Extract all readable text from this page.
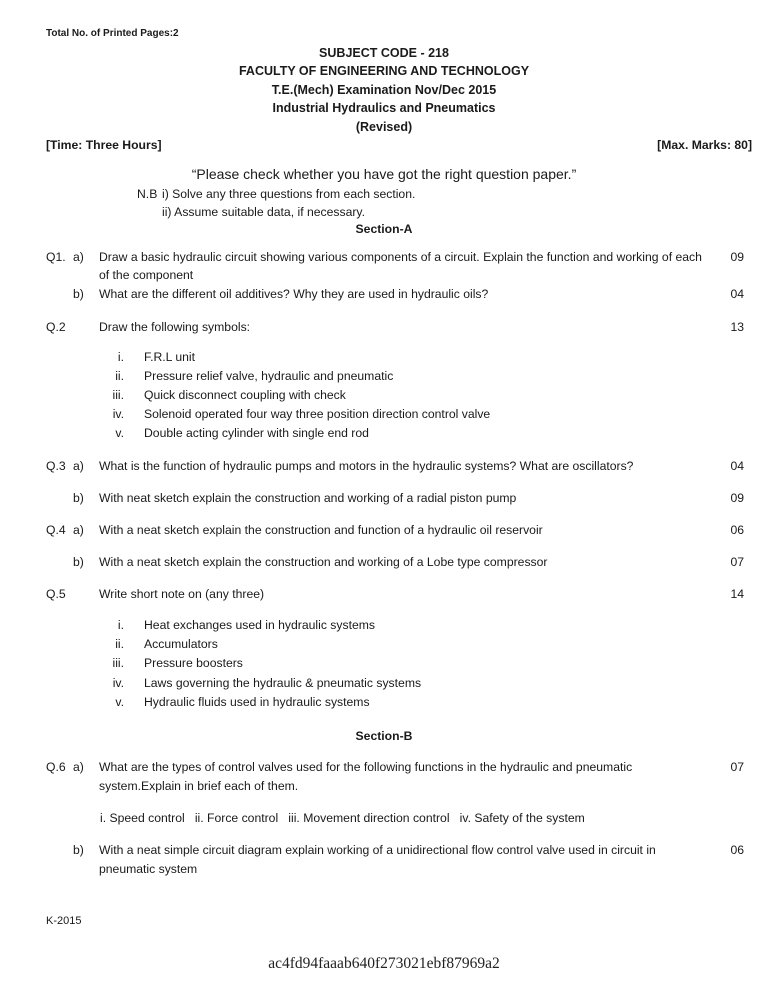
Total No. of Printed Pages:2
SUBJECT CODE - 218
FACULTY OF ENGINEERING AND TECHNOLOGY
T.E.(Mech) Examination Nov/Dec 2015
Industrial Hydraulics and Pneumatics
(Revised)
[Time: Three Hours]	[Max. Marks: 80]
“Please check whether you have got the right question paper.”
N.B i) Solve any three questions from each section.
ii) Assume suitable data, if necessary.
Section-A
Q1. a) Draw a basic hydraulic circuit showing various components of a circuit. Explain the function and working of each 09
of the component
b) What are the different oil additives? Why they are used in hydraulic oils?	04
Q.2	Draw the following symbols:	13
i. F.R.L unit
ii. Pressure relief valve, hydraulic and pneumatic
iii. Quick disconnect coupling with check
iv. Solenoid operated four way three position direction control valve
v. Double acting cylinder with single end rod
Q.3 a) What is the function of hydraulic pumps and motors in the hydraulic systems? What are oscillators?	04
b) With neat sketch explain the construction and working of a radial piston pump	09
Q.4 a) With a neat sketch explain the construction and function of a hydraulic oil reservoir	06
b) With a neat sketch explain the construction and working of a Lobe type compressor	07
Q.5	Write short note on (any three)	14
i. Heat exchanges used in hydraulic systems
ii. Accumulators
iii. Pressure boosters
iv. Laws governing the hydraulic & pneumatic systems
v. Hydraulic fluids used in hydraulic systems
Section-B
Q.6 a) What are the types of control valves used for the following functions in the hydraulic and pneumatic	07
system.Explain in brief each of them.
i. Speed control   ii. Force control   iii. Movement direction control   iv. Safety of the system
b) With a neat simple circuit diagram explain working of a unidirectional flow control valve used in circuit in	06
pneumatic system
K-2015
ac4fd94faaab640f273021ebf87969a2
